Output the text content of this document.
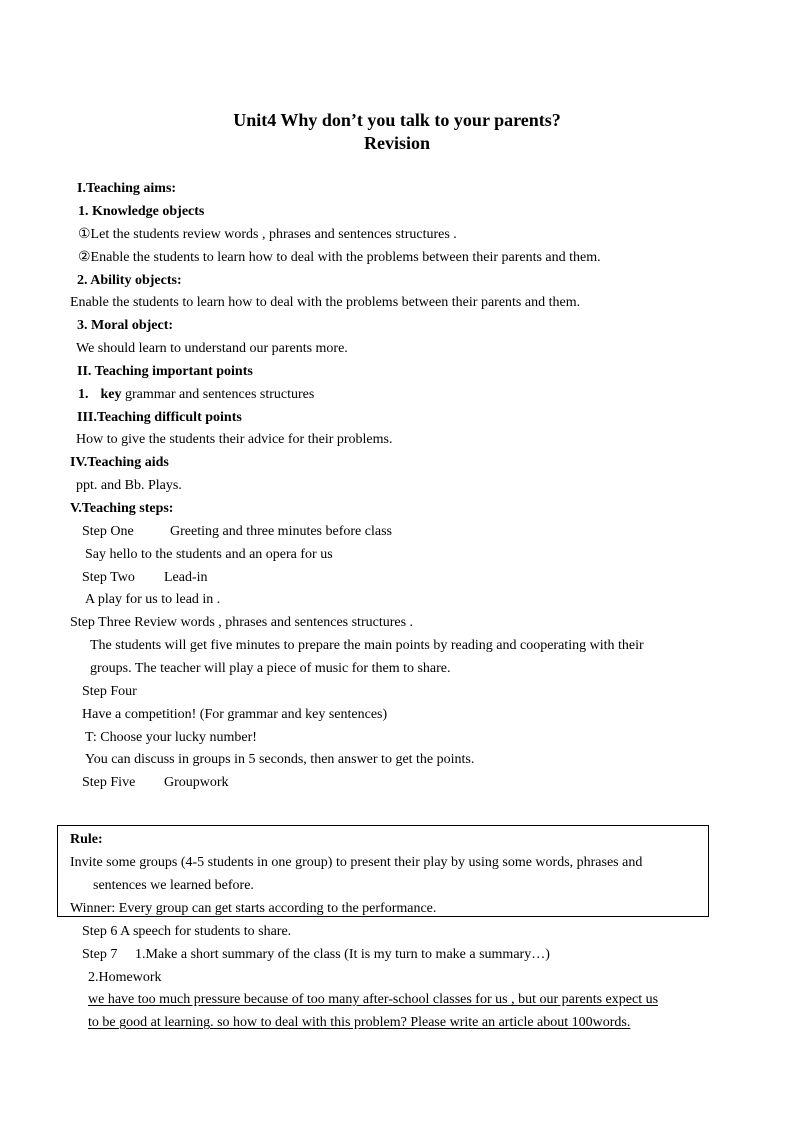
Unit4 Why don’t you talk to your parents?
Revision
I.Teaching aims:
1. Knowledge objects
①Let the students review words , phrases and sentences structures .
②Enable the students to learn how to deal with the problems between their parents and them.
2. Ability objects:
Enable the students to learn how to deal with the problems between their parents and them.
3. Moral object:
We should learn to understand our parents more.
II. Teaching important points
1. key grammar and sentences structures
III.Teaching difficult points
How to give the students their advice for their problems.
IV.Teaching aids
ppt. and Bb. Plays.
V.Teaching steps:
Step One	Greeting and three minutes before class
Say hello to the students and an opera for us
Step Two Lead-in
A play for us to lead in .
Step Three Review words , phrases and sentences structures .
The students will get five minutes to prepare the main points by reading and cooperating with their
groups. The teacher will play a piece of music for them to share.
Step Four
Have a competition! (For grammar and key sentences)
T: Choose your lucky number!
You can discuss in groups in 5 seconds, then answer to get the points.
Step Five Groupwork
Rule:
Invite some groups (4-5 students in one group) to present their play by using some words, phrases and
sentences we learned before.
Winner: Every group can get starts according to the performance.
Step 6 A speech for students to share.
Step 7 1.Make a short summary of the class (It is my turn to make a summary…)
2.Homework
we have too much pressure because of too many after-school classes for us , but our parents expect us
to be good at learning. so how to deal with this problem? Please write an article about 100words.
